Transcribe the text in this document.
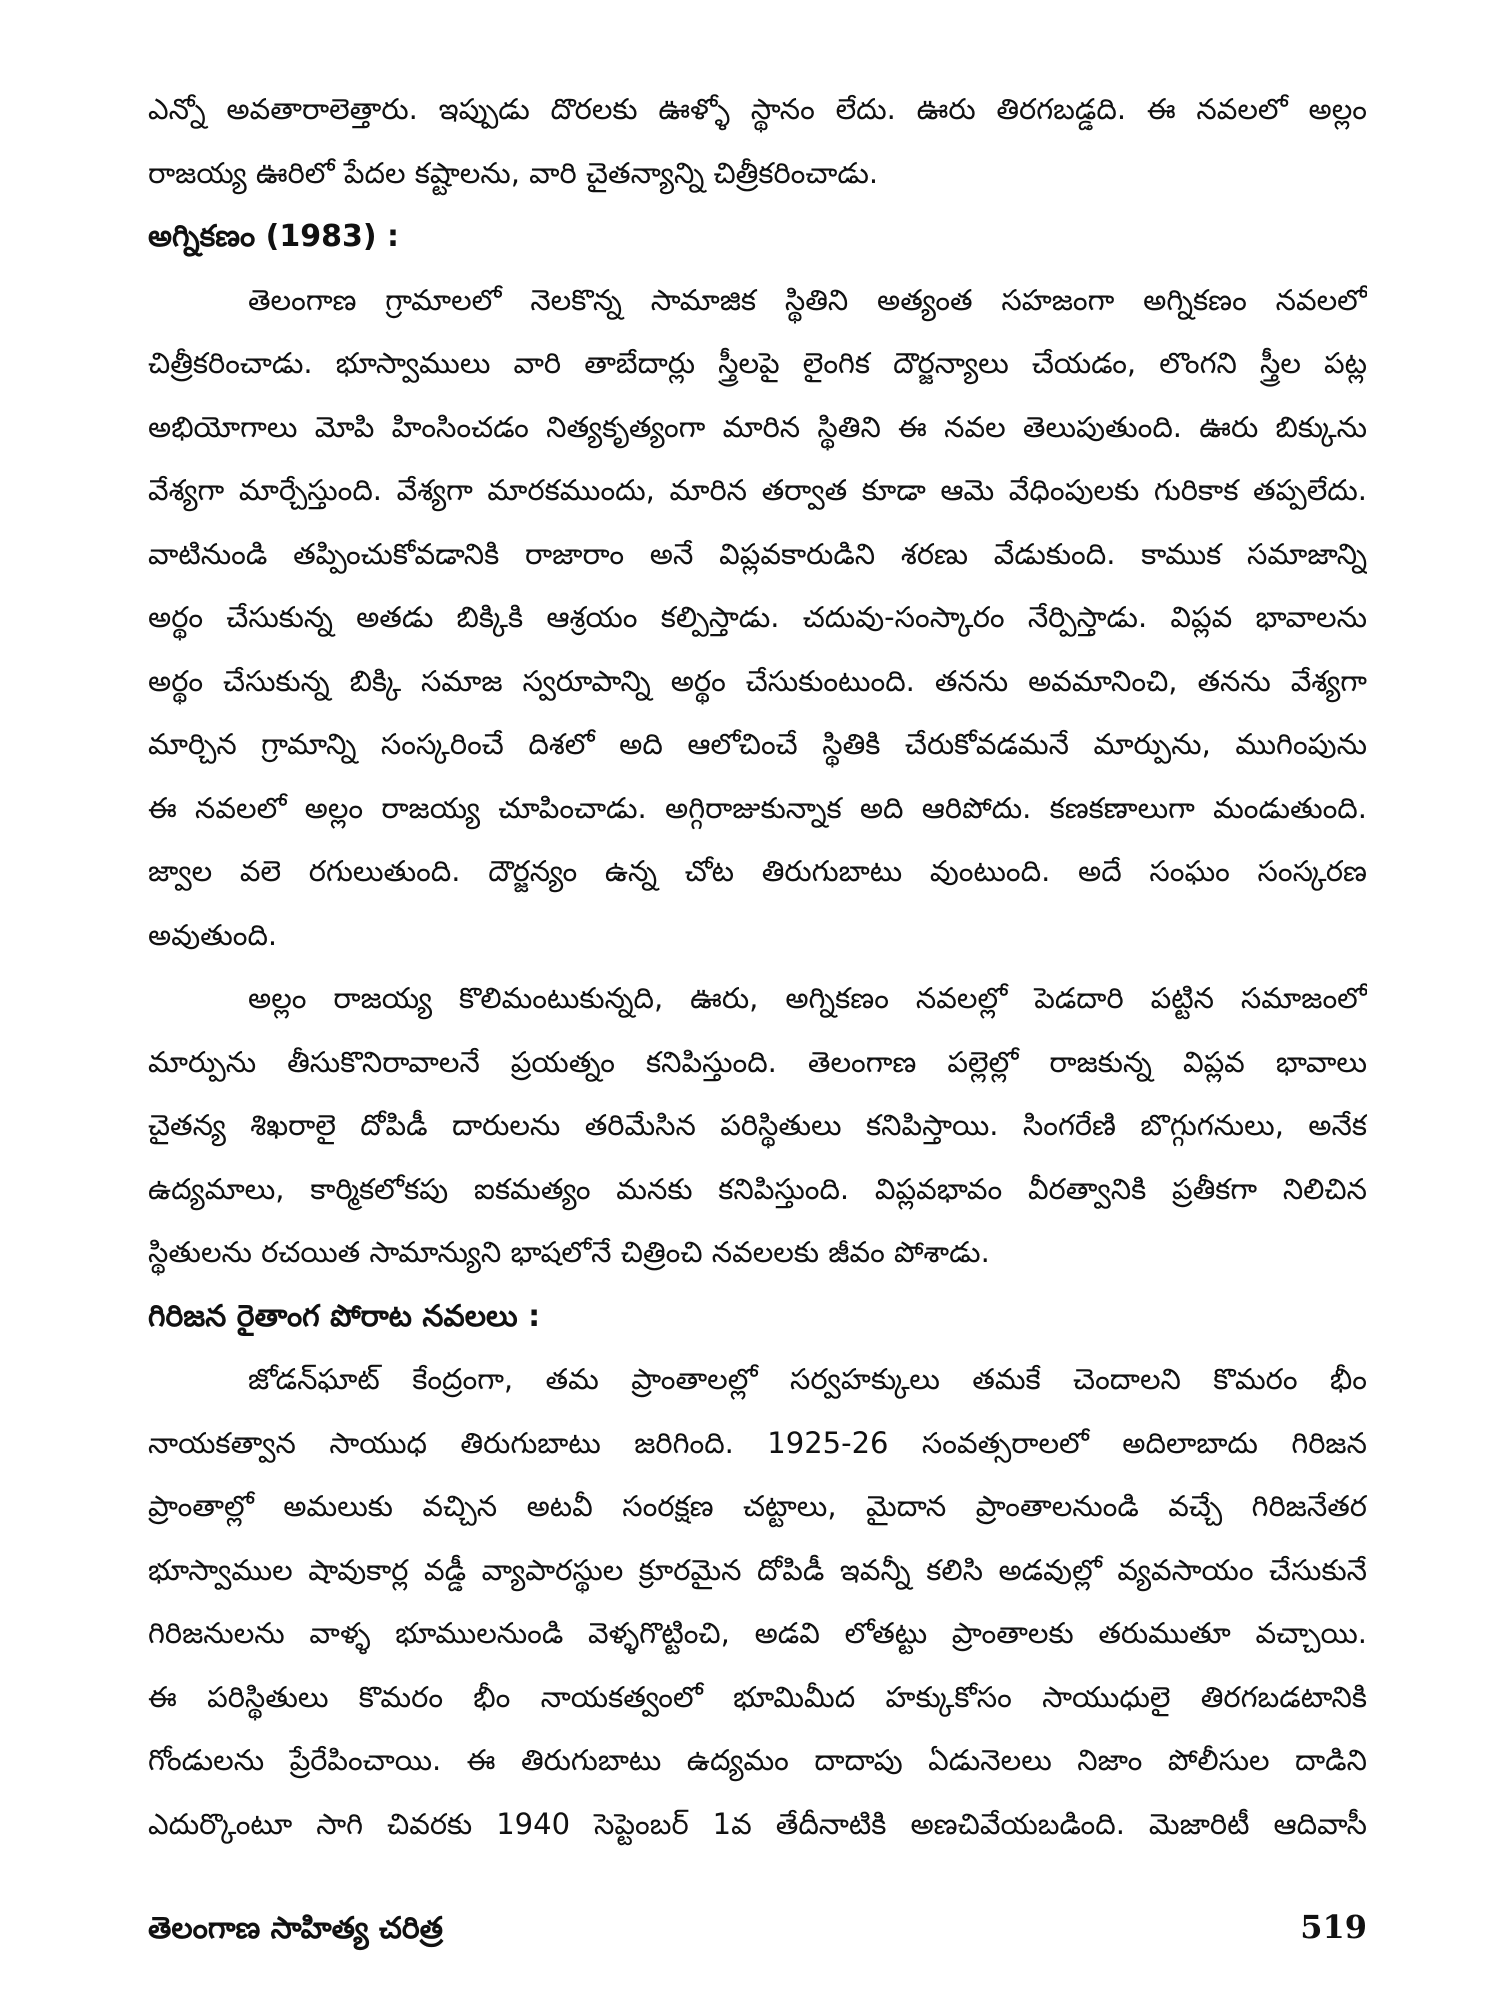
ఎన్నో అవతారాలెత్తారు. ఇప్పుడు దొరలకు ఊళ్ళో స్థానం లేదు. ఊరు తిరగబడ్డది. ఈ నవలలో అల్లం
రాజయ్య ఊరిలో పేదల కష్టాలను, వారి చైతన్యాన్ని చిత్రీకరించాడు.
అగ్నికణం (1983) :
తెలంగాణ గ్రామాలలో నెలకొన్న సామాజిక స్థితిని అత్యంత సహజంగా అగ్నికణం నవలలో
చిత్రీకరించాడు. భూస్వాములు వారి తాబేదార్లు స్త్రీలపై లైంగిక దౌర్జన్యాలు చేయడం, లొంగని స్త్రీల పట్ల
అభియోగాలు మోపి హింసించడం నిత్యకృత్యంగా మారిన స్థితిని ఈ నవల తెలుపుతుంది. ఊరు బిక్కును
వేశ్యగా మార్చేస్తుంది. వేశ్యగా మారకముందు, మారిన తర్వాత కూడా ఆమె వేధింపులకు గురికాక తప్పలేదు.
వాటినుండి తప్పించుకోవడానికి రాజారాం అనే విప్లవకారుడిని శరణు వేడుకుంది. కాముక సమాజాన్ని
అర్థం చేసుకున్న అతడు బిక్కికి ఆశ్రయం కల్పిస్తాడు. చదువు-సంస్కారం నేర్పిస్తాడు. విప్లవ భావాలను
అర్థం చేసుకున్న బిక్కి సమాజ స్వరూపాన్ని అర్థం చేసుకుంటుంది. తనను అవమానించి, తనను వేశ్యగా
మార్చిన గ్రామాన్ని సంస్కరించే దిశలో అది ఆలోచించే స్థితికి చేరుకోవడమనే మార్పును, ముగింపును
ఈ నవలలో అల్లం రాజయ్య చూపించాడు. అగ్గిరాజుకున్నాక అది ఆరిపోదు. కణకణాలుగా మండుతుంది.
జ్వాల వలె రగులుతుంది. దౌర్జన్యం ఉన్న చోట తిరుగుబాటు వుంటుంది. అదే సంఘం సంస్కరణ
అవుతుంది.
అల్లం రాజయ్య కొలిమంటుకున్నది, ఊరు, అగ్నికణం నవలల్లో పెడదారి పట్టిన సమాజంలో
మార్పును తీసుకొనిరావాలనే ప్రయత్నం కనిపిస్తుంది. తెలంగాణ పల్లెల్లో రాజకున్న విప్లవ భావాలు
చైతన్య శిఖరాలై దోపిడీ దారులను తరిమేసిన పరిస్థితులు కనిపిస్తాయి. సింగరేణి బొగ్గుగనులు, అనేక
ఉద్యమాలు, కార్మికలోకపు ఐకమత్యం మనకు కనిపిస్తుంది. విప్లవభావం వీరత్వానికి ప్రతీకగా నిలిచిన
స్థితులను రచయిత సామాన్యుని భాషలోనే చిత్రించి నవలలకు జీవం పోశాడు.
గిరిజన రైతాంగ పోరాట నవలలు :
జోడన్‌ఘాట్ కేంద్రంగా, తమ ప్రాంతాలల్లో సర్వహక్కులు తమకే చెందాలని కొమరం భీం
నాయకత్వాన సాయుధ తిరుగుబాటు జరిగింది. 1925-26 సంవత్సరాలలో అదిలాబాదు గిరిజన
ప్రాంతాల్లో అమలుకు వచ్చిన అటవీ సంరక్షణ చట్టాలు, మైదాన ప్రాంతాలనుండి వచ్చే గిరిజనేతర
భూస్వాముల షావుకార్ల వడ్డీ వ్యాపారస్థుల క్రూరమైన దోపిడీ ఇవన్నీ కలిసి అడవుల్లో వ్యవసాయం చేసుకునే
గిరిజనులను వాళ్ళ భూములనుండి వెళ్ళగొట్టించి, అడవి లోతట్టు ప్రాంతాలకు తరుముతూ వచ్చాయి.
ఈ పరిస్థితులు కొమరం భీం నాయకత్వంలో భూమిమీద హక్కుకోసం సాయుధులై తిరగబడటానికి
గోండులను ప్రేరేపించాయి. ఈ తిరుగుబాటు ఉద్యమం దాదాపు ఏడునెలలు నిజాం పోలీసుల దాడిని
ఎదుర్కొంటూ సాగి చివరకు 1940 సెప్టెంబర్ 1వ తేదీనాటికి అణచివేయబడింది. మెజారిటీ ఆదివాసీ
తెలంగాణ సాహిత్య చరిత్ర	519
